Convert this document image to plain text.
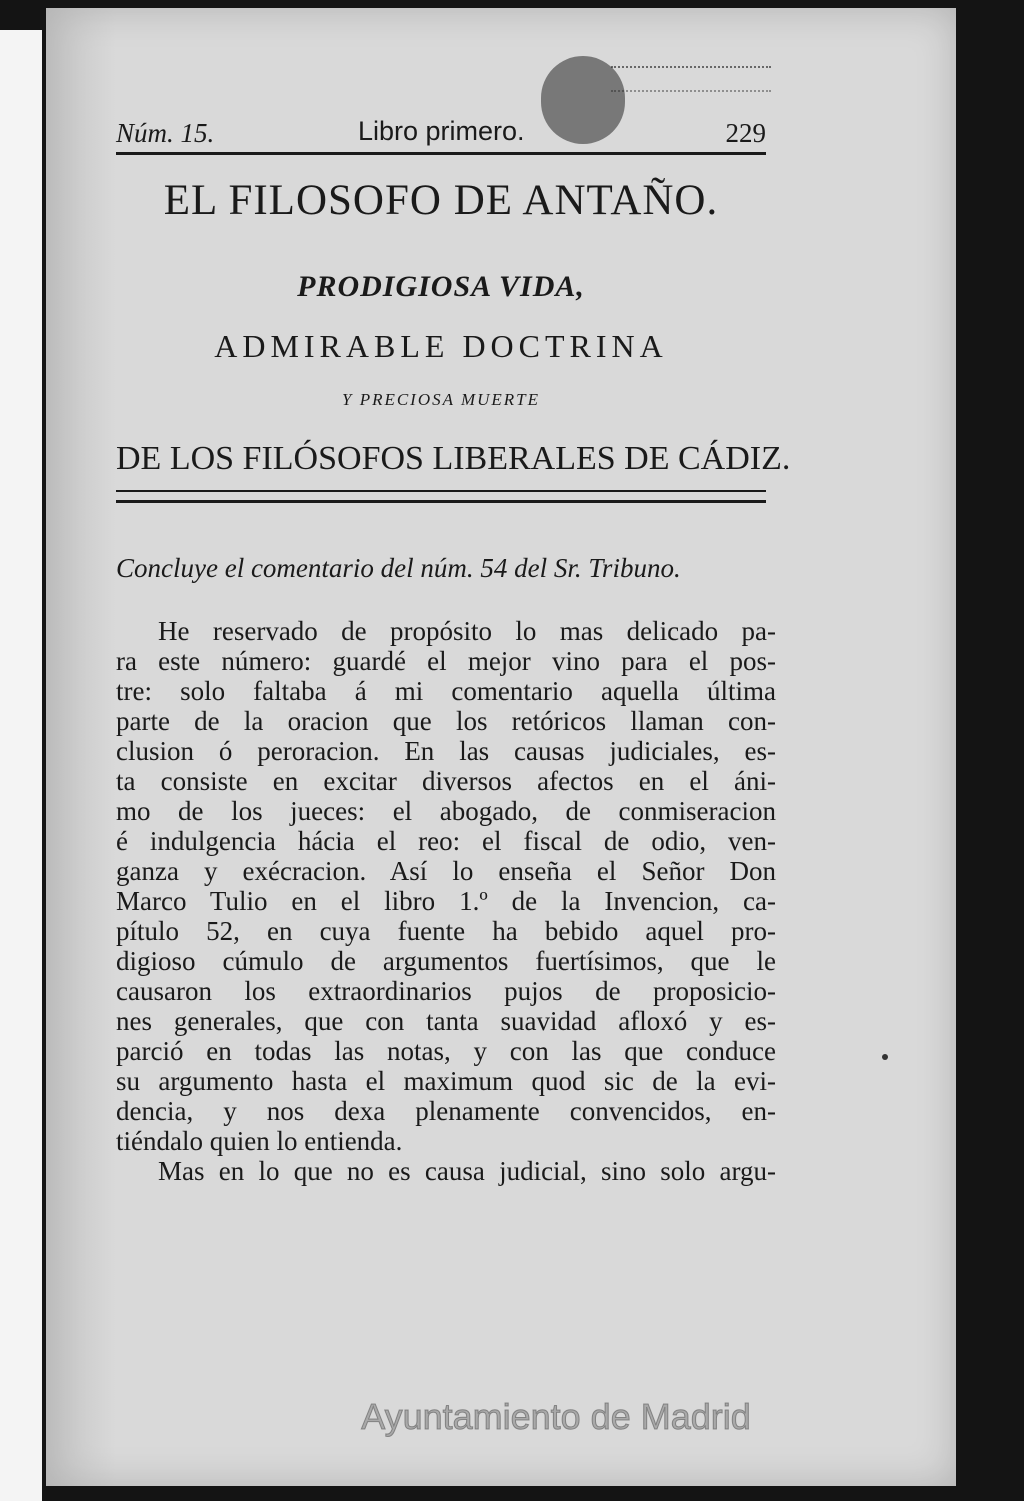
Núm. 15.	Libro primero.	229
EL FILOSOFO DE ANTAÑO.
PRODIGIOSA VIDA,
ADMIRABLE DOCTRINA
Y PRECIOSA MUERTE
DE LOS FILÓSOFOS LIBERALES DE CÁDIZ.
Concluye el comentario del núm. 54 del Sr. Tribuno.
He reservado de propósito lo mas delicado pa-
ra este número: guardé el mejor vino para el pos-
tre: solo faltaba á mi comentario aquella última
parte de la oracion que los retóricos llaman con-
clusion ó peroracion. En las causas judiciales, es-
ta consiste en excitar diversos afectos en el áni-
mo de los jueces: el abogado, de conmiseracion
é indulgencia hácia el reo: el fiscal de odio, ven-
ganza y exécracion. Así lo enseña el Señor Don
Marco Tulio en el libro 1.º de la Invencion, ca-
pítulo 52, en cuya fuente ha bebido aquel pro-
digioso cúmulo de argumentos fuertísimos, que le
causaron los extraordinarios pujos de proposicio-
nes generales, que con tanta suavidad afloxó y es-
parció en todas las notas, y con las que conduce
su argumento hasta el maximum quod sic de la evi-
dencia, y nos dexa plenamente convencidos, en-
tiéndalo quien lo entienda.
Mas en lo que no es causa judicial, sino solo argu-
Ayuntamiento de Madrid
